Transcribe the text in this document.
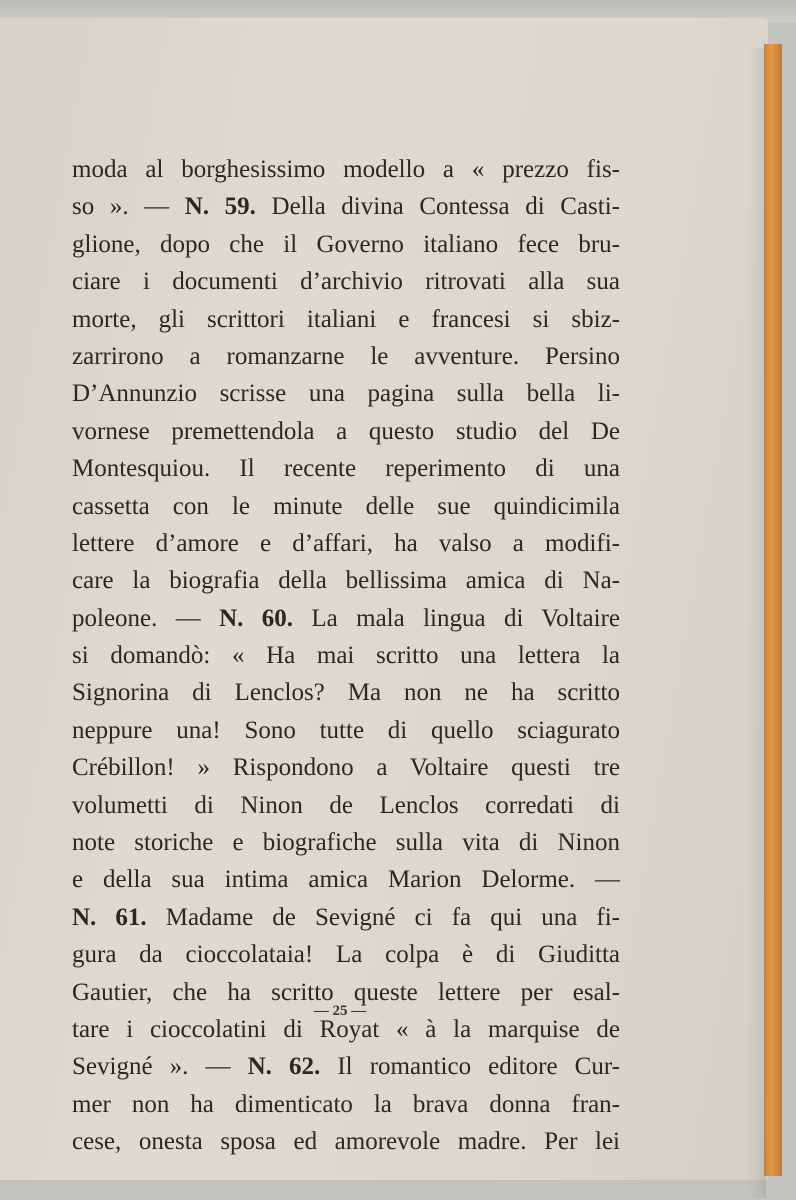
moda al borghesissimo modello a « prezzo fis-
so ». — N. 59. Della divina Contessa di Casti-
glione, dopo che il Governo italiano fece bru-
ciare i documenti d’archivio ritrovati alla sua
morte, gli scrittori italiani e francesi si sbiz-
zarrirono a romanzarne le avventure. Persino
D’Annunzio scrisse una pagina sulla bella li-
vornese premettendola a questo studio del De
Montesquiou. Il recente reperimento di una
cassetta con le minute delle sue quindicimila
lettere d’amore e d’affari, ha valso a modifi-
care la biografia della bellissima amica di Na-
poleone. — N. 60. La mala lingua di Voltaire
si domandò: « Ha mai scritto una lettera la
Signorina di Lenclos? Ma non ne ha scritto
neppure una! Sono tutte di quello sciagurato
Crébillon! » Rispondono a Voltaire questi tre
volumetti di Ninon de Lenclos corredati di
note storiche e biografiche sulla vita di Ninon
e della sua intima amica Marion Delorme. —
N. 61. Madame de Sevigné ci fa qui una fi-
gura da cioccolataia! La colpa è di Giuditta
Gautier, che ha scritto queste lettere per esal-
tare i cioccolatini di Royat « à la marquise de
Sevigné ». — N. 62. Il romantico editore Cur-
mer non ha dimenticato la brava donna fran-
cese, onesta sposa ed amorevole madre. Per lei
— 25 —
